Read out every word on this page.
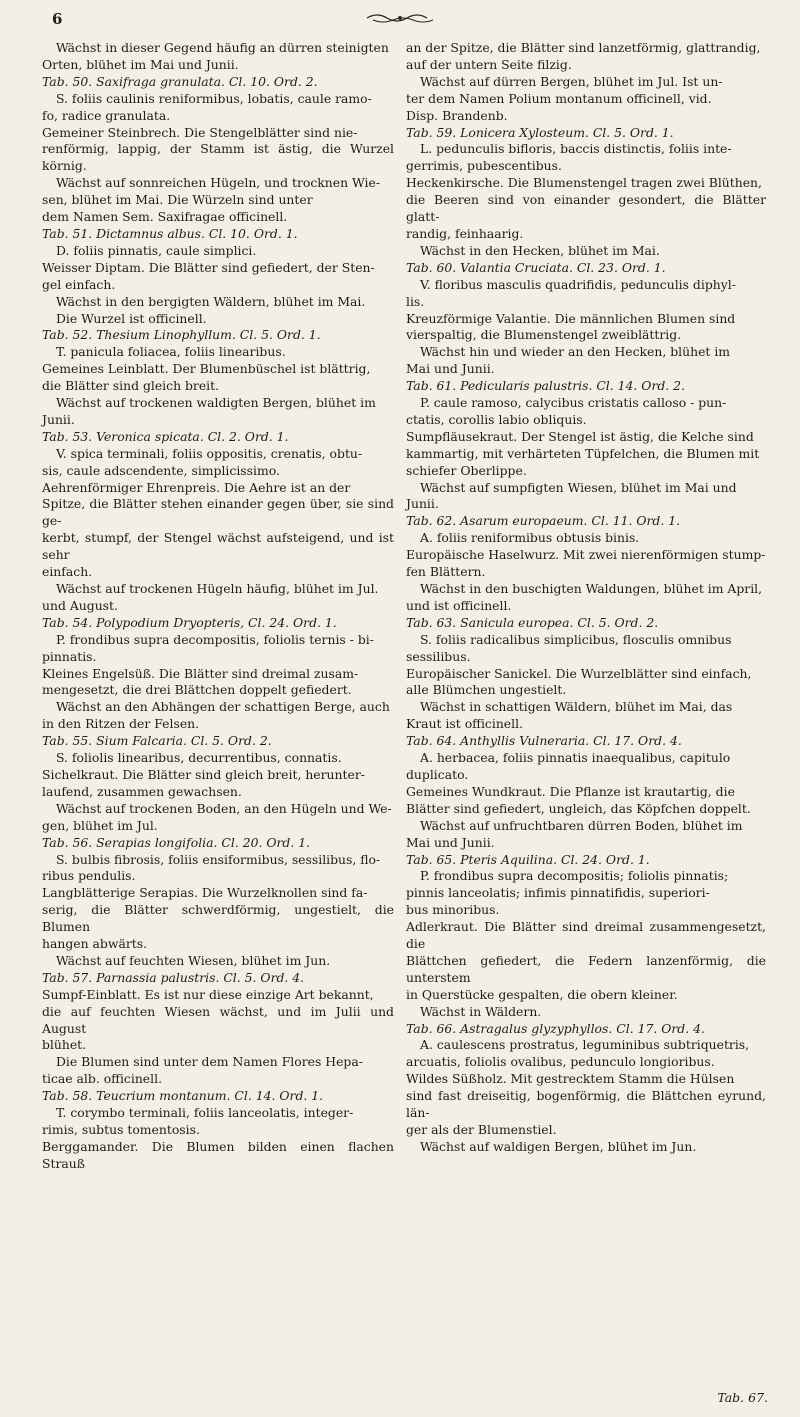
6

Wächst in dieser Gegend häufig an dürren steinigten

Orten, blühet im Mai und Junii.

Tab. 50. Saxifraga granulata. Cl. 10. Ord. 2.

S. foliis caulinis reniformibus, lobatis, caule ramo-

fo, radice granulata.

Gemeiner Steinbrech. Die Stengelblätter sind nie-

renförmig, lappig, der Stamm ist ästig, die Wurzel körnig.

Wächst auf sonnreichen Hügeln, und trocknen Wie-

sen, blühet im Mai. Die Würzeln sind unter

dem Namen Sem. Saxifragae officinell.

Tab. 51. Dictamnus albus. Cl. 10. Ord. 1.

D. foliis pinnatis, caule simplici.

Weisser Diptam. Die Blätter sind gefiedert, der Sten-

gel einfach.

Wächst in den bergigten Wäldern, blühet im Mai.

Die Wurzel ist officinell.

Tab. 52. Thesium Linophyllum. Cl. 5. Ord. 1.

T. panicula foliacea, foliis linearibus.

Gemeines Leinblatt. Der Blumenbüschel ist blättrig,

die Blätter sind gleich breit.

Wächst auf trockenen waldigten Bergen, blühet im

Junii.

Tab. 53. Veronica spicata. Cl. 2. Ord. 1.

V. spica terminali, foliis oppositis, crenatis, obtu-

sis, caule adscendente, simplicissimo.

Aehrenförmiger Ehrenpreis. Die Aehre ist an der

Spitze, die Blätter stehen einander gegen über, sie sind ge-

kerbt, stumpf, der Stengel wächst aufsteigend, und ist sehr

einfach.

Wächst auf trockenen Hügeln häufig, blühet im Jul.

und August.

Tab. 54. Polypodium Dryopteris, Cl. 24. Ord. 1.

P. frondibus supra decompositis, foliolis ternis - bi-

pinnatis.

Kleines Engelsüß. Die Blätter sind dreimal zusam-

mengesetzt, die drei Blättchen doppelt gefiedert.

Wächst an den Abhängen der schattigen Berge, auch

in den Ritzen der Felsen.

Tab. 55. Sium Falcaria. Cl. 5. Ord. 2.

S. foliolis linearibus, decurrentibus, connatis.

Sichelkraut. Die Blätter sind gleich breit, herunter-

laufend, zusammen gewachsen.

Wächst auf trockenen Boden, an den Hügeln und We-

gen, blühet im Jul.

Tab. 56. Serapias longifolia. Cl. 20. Ord. 1.

S. bulbis fibrosis, foliis ensiformibus, sessilibus, flo-

ribus pendulis.

Langblätterige Serapias. Die Wurzelknollen sind fa-

serig, die Blätter schwerdförmig, ungestielt, die Blumen

hangen abwärts.

Wächst auf feuchten Wiesen, blühet im Jun.

Tab. 57. Parnassia palustris. Cl. 5. Ord. 4.

Sumpf-Einblatt. Es ist nur diese einzige Art bekannt,

die auf feuchten Wiesen wächst, und im Julii und August

blühet.

Die Blumen sind unter dem Namen Flores Hepa-

ticae alb. officinell.

Tab. 58. Teucrium montanum. Cl. 14. Ord. 1.

T. corymbo terminali, foliis lanceolatis, integer-

rimis, subtus tomentosis.

Berggamander. Die Blumen bilden einen flachen Strauß

an der Spitze, die Blätter sind lanzetförmig, glattrandig,

auf der untern Seite filzig.

Wächst auf dürren Bergen, blühet im Jul. Ist un-

ter dem Namen Polium montanum officinell, vid.

Disp. Brandenb.

Tab. 59. Lonicera Xylosteum. Cl. 5. Ord. 1.

L. pedunculis bifloris, baccis distinctis, foliis inte-

gerrimis, pubescentibus.

Heckenkirsche. Die Blumenstengel tragen zwei Blüthen,

die Beeren sind von einander gesondert, die Blätter glatt-

randig, feinhaarig.

Wächst in den Hecken, blühet im Mai.

Tab. 60. Valantia Cruciata. Cl. 23. Ord. 1.

V. floribus masculis quadrifidis, pedunculis diphyl-

lis.

Kreuzförmige Valantie. Die männlichen Blumen sind

vierspaltig, die Blumenstengel zweiblättrig.

Wächst hin und wieder an den Hecken, blühet im

Mai und Junii.

Tab. 61. Pedicularis palustris. Cl. 14. Ord. 2.

P. caule ramoso, calycibus cristatis calloso - pun-

ctatis, corollis labio obliquis.

Sumpfläusekraut. Der Stengel ist ästig, die Kelche sind

kammartig, mit verhärteten Tüpfelchen, die Blumen mit

schiefer Oberlippe.

Wächst auf sumpfigten Wiesen, blühet im Mai und

Junii.

Tab. 62. Asarum europaeum. Cl. 11. Ord. 1.

A. foliis reniformibus obtusis binis.

Europäische Haselwurz. Mit zwei nierenförmigen stump-

fen Blättern.

Wächst in den buschigten Waldungen, blühet im April,

und ist officinell.

Tab. 63. Sanicula europea. Cl. 5. Ord. 2.

S. foliis radicalibus simplicibus, flosculis omnibus

sessilibus.

Europäischer Sanickel. Die Wurzelblätter sind einfach,

alle Blümchen ungestielt.

Wächst in schattigen Wäldern, blühet im Mai, das

Kraut ist officinell.

Tab. 64. Anthyllis Vulneraria. Cl. 17. Ord. 4.

A. herbacea, foliis pinnatis inaequalibus, capitulo

duplicato.

Gemeines Wundkraut. Die Pflanze ist krautartig, die

Blätter sind gefiedert, ungleich, das Köpfchen doppelt.

Wächst auf unfruchtbaren dürren Boden, blühet im

Mai und Junii.

Tab. 65. Pteris Aquilina. Cl. 24. Ord. 1.

P. frondibus supra decompositis; foliolis pinnatis;

pinnis lanceolatis; infimis pinnatifidis, superiori-

bus minoribus.

Adlerkraut. Die Blätter sind dreimal zusammengesetzt, die

Blättchen gefiedert, die Federn lanzenförmig, die unterstem

in Querstücke gespalten, die obern kleiner.

Wächst in Wäldern.

Tab. 66. Astragalus glyzyphyllos. Cl. 17. Ord. 4.

A. caulescens prostratus, leguminibus subtriquetris,

arcuatis, foliolis ovalibus, pedunculo longioribus.

Wildes Süßholz. Mit gestrecktem Stamm die Hülsen

sind fast dreiseitig, bogenförmig, die Blättchen eyrund, län-

ger als der Blumenstiel.

Wächst auf waldigen Bergen, blühet im Jun.

Tab. 67.
